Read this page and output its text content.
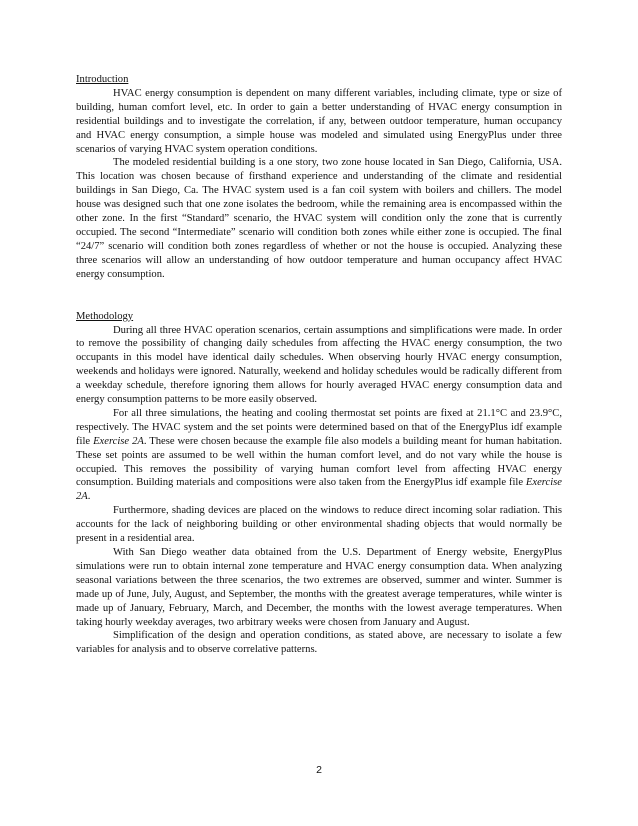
Introduction

HVAC energy consumption is dependent on many different variables, including climate, type or size of building, human comfort level, etc. In order to gain a better understanding of HVAC energy consumption in residential buildings and to investigate the correlation, if any, between outdoor temperature, human occupancy and HVAC energy consumption, a simple house was modeled and simulated using EnergyPlus under three scenarios of varying HVAC system operation conditions.

The modeled residential building is a one story, two zone house located in San Diego, California, USA. This location was chosen because of firsthand experience and understanding of the climate and residential buildings in San Diego, Ca. The HVAC system used is a fan coil system with boilers and chillers. The model house was designed such that one zone isolates the bedroom, while the remaining area is encompassed within the other zone. In the first “Standard” scenario, the HVAC system will condition only the zone that is currently occupied. The second “Intermediate” scenario will condition both zones while either zone is occupied. The final “24/7” scenario will condition both zones regardless of whether or not the house is occupied. Analyzing these three scenarios will allow an understanding of how outdoor temperature and human occupancy affect HVAC energy consumption.

Methodology

During all three HVAC operation scenarios, certain assumptions and simplifications were made. In order to remove the possibility of changing daily schedules from affecting the HVAC energy consumption, the two occupants in this model have identical daily schedules. When observing hourly HVAC energy consumption, weekends and holidays were ignored. Naturally, weekend and holiday schedules would be radically different from a weekday schedule, therefore ignoring them allows for hourly averaged HVAC energy consumption data and energy consumption patterns to be more easily observed.

For all three simulations, the heating and cooling thermostat set points are fixed at 21.1°C and 23.9°C, respectively. The HVAC system and the set points were determined based on that of the EnergyPlus idf example file Exercise 2A. These were chosen because the example file also models a building meant for human habitation. These set points are assumed to be well within the human comfort level, and do not vary while the house is occupied. This removes the possibility of varying human comfort level from affecting HVAC energy consumption. Building materials and compositions were also taken from the EnergyPlus idf example file Exercise 2A.

Furthermore, shading devices are placed on the windows to reduce direct incoming solar radiation. This accounts for the lack of neighboring building or other environmental shading objects that would normally be present in a residential area.

With San Diego weather data obtained from the U.S. Department of Energy website, EnergyPlus simulations were run to obtain internal zone temperature and HVAC energy consumption data. When analyzing seasonal variations between the three scenarios, the two extremes are observed, summer and winter. Summer is made up of June, July, August, and September, the months with the greatest average temperatures, while winter is made up of January, February, March, and December, the months with the lowest average temperatures. When taking hourly weekday averages, two arbitrary weeks were chosen from January and August.

Simplification of the design and operation conditions, as stated above, are necessary to isolate a few variables for analysis and to observe correlative patterns.

2
